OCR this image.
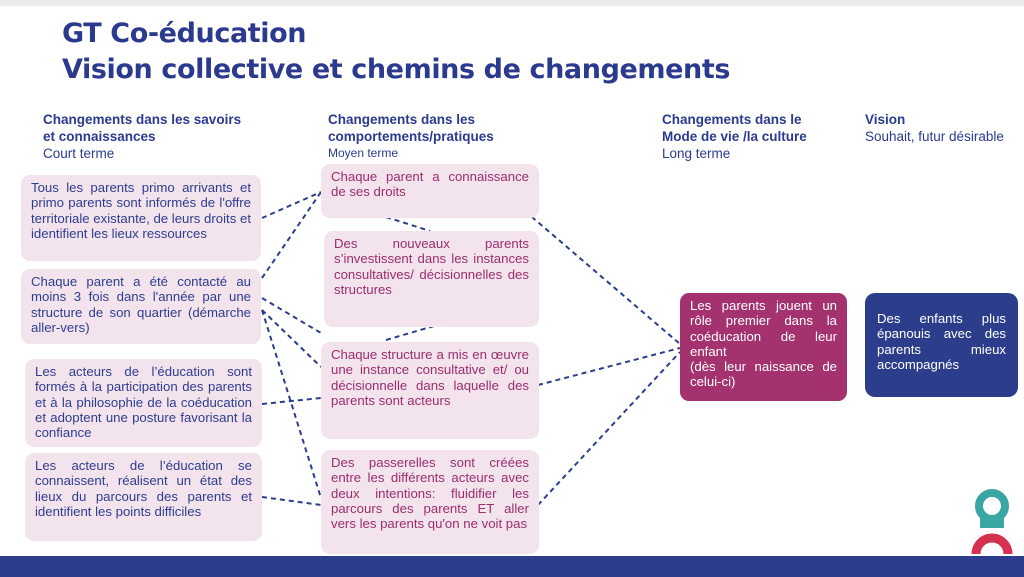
GT Co-éducation
Vision collective et chemins de changements
Changements dans les savoirs et connaissances
Court terme
Changements dans les comportements/pratiques
Moyen terme
Changements dans le Mode de vie /la culture
Long terme
Vision
Souhait, futur désirable
Tous les parents primo arrivants et primo parents sont informés de l'offre territoriale existante, de leurs droits et identifient les lieux ressources
Chaque parent a été contacté au moins 3 fois dans l'année par une structure de son quartier (démarche aller-vers)
Les acteurs de l’éducation sont formés à la participation des parents et à la philosophie de la coéducation et adoptent une posture favorisant la confiance
Les acteurs de l’éducation se connaissent, réalisent un état des lieux du parcours des parents et identifient les points difficiles
Chaque parent a connaissance de ses droits
Des nouveaux parents s’investissent dans les instances consultatives/ décisionnelles des structures
Chaque structure a mis en œuvre une instance consultative et/ ou décisionnelle dans laquelle des parents sont acteurs
Des passerelles sont créées entre les différents acteurs avec deux intentions: fluidifier les parcours des parents ET aller vers les parents qu'on ne voit pas
Les parents jouent un rôle premier dans la coéducation de leur enfant
(dès leur naissance de celui-ci)
Des enfants plus épanouis avec des parents mieux accompagnés
